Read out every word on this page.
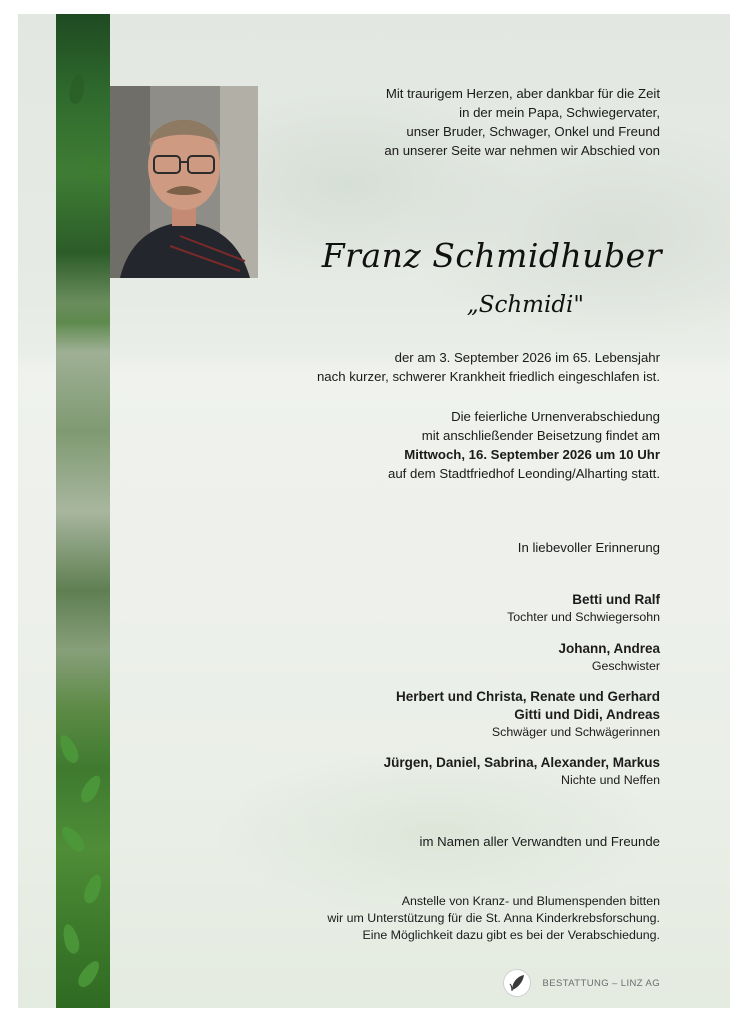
Mit traurigem Herzen, aber dankbar für die Zeit
in der mein Papa, Schwiegervater,
unser Bruder, Schwager, Onkel und Freund
an unserer Seite war nehmen wir Abschied von
Franz Schmidhuber
„Schmidi"
der am 3. September 2026 im 65. Lebensjahr
nach kurzer, schwerer Krankheit friedlich eingeschlafen ist.
Die feierliche Urnenverabschiedung
mit anschließender Beisetzung findet am
Mittwoch, 16. September 2026 um 10 Uhr
auf dem Stadtfriedhof Leonding/Alharting statt.
In liebevoller Erinnerung
Betti und Ralf
Tochter und Schwiegersohn
Johann, Andrea
Geschwister
Herbert und Christa, Renate und Gerhard
Gitti und Didi, Andreas
Schwäger und Schwägerinnen
Jürgen, Daniel, Sabrina, Alexander, Markus
Nichte und Neffen
im Namen aller Verwandten und Freunde
Anstelle von Kranz- und Blumenspenden bitten
wir um Unterstützung für die St. Anna Kinderkrebsforschung.
Eine Möglichkeit dazu gibt es bei der Verabschiedung.
BESTATTUNG – LINZ AG
